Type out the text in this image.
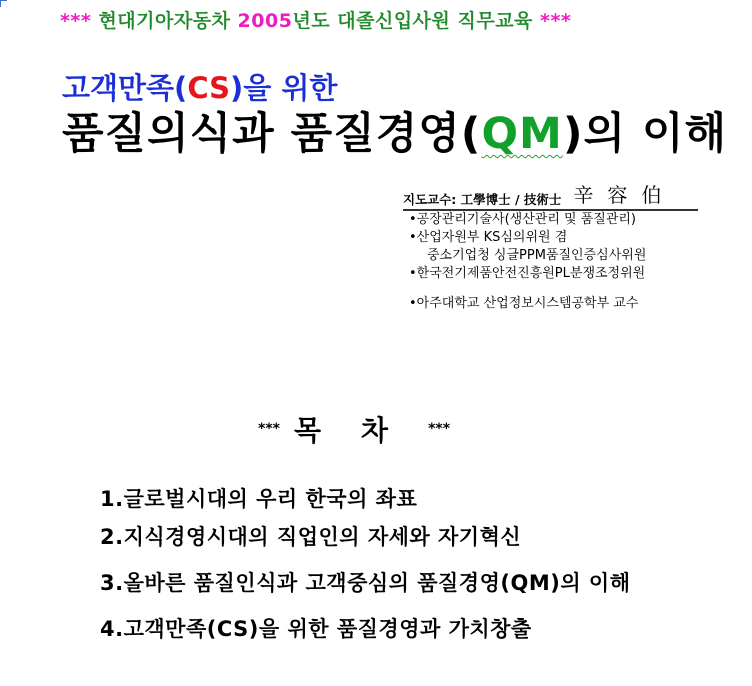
*** 현대기아자동차 2005년도 대졸신입사원 직무교육 ***
고객만족(CS)을 위한
품질의식과 품질경영(QM)의 이해
지도교수: 工學博士 / 技術士 辛容伯
•공장관리기술사(생산관리 및 품질관리)
•산업자원부 KS심의위원 겸
중소기업청 싱글PPM품질인증심사위원
•한국전기제품안전진흥원PL분쟁조정위원
•아주대학교 산업정보시스템공학부 교수
*** 목차***
1.글로벌시대의 우리 한국의 좌표
2.지식경영시대의 직업인의 자세와 자기혁신
3.올바른 품질인식과 고객중심의 품질경영(QM)의 이해
4.고객만족(CS)을 위한 품질경영과 가치창출
